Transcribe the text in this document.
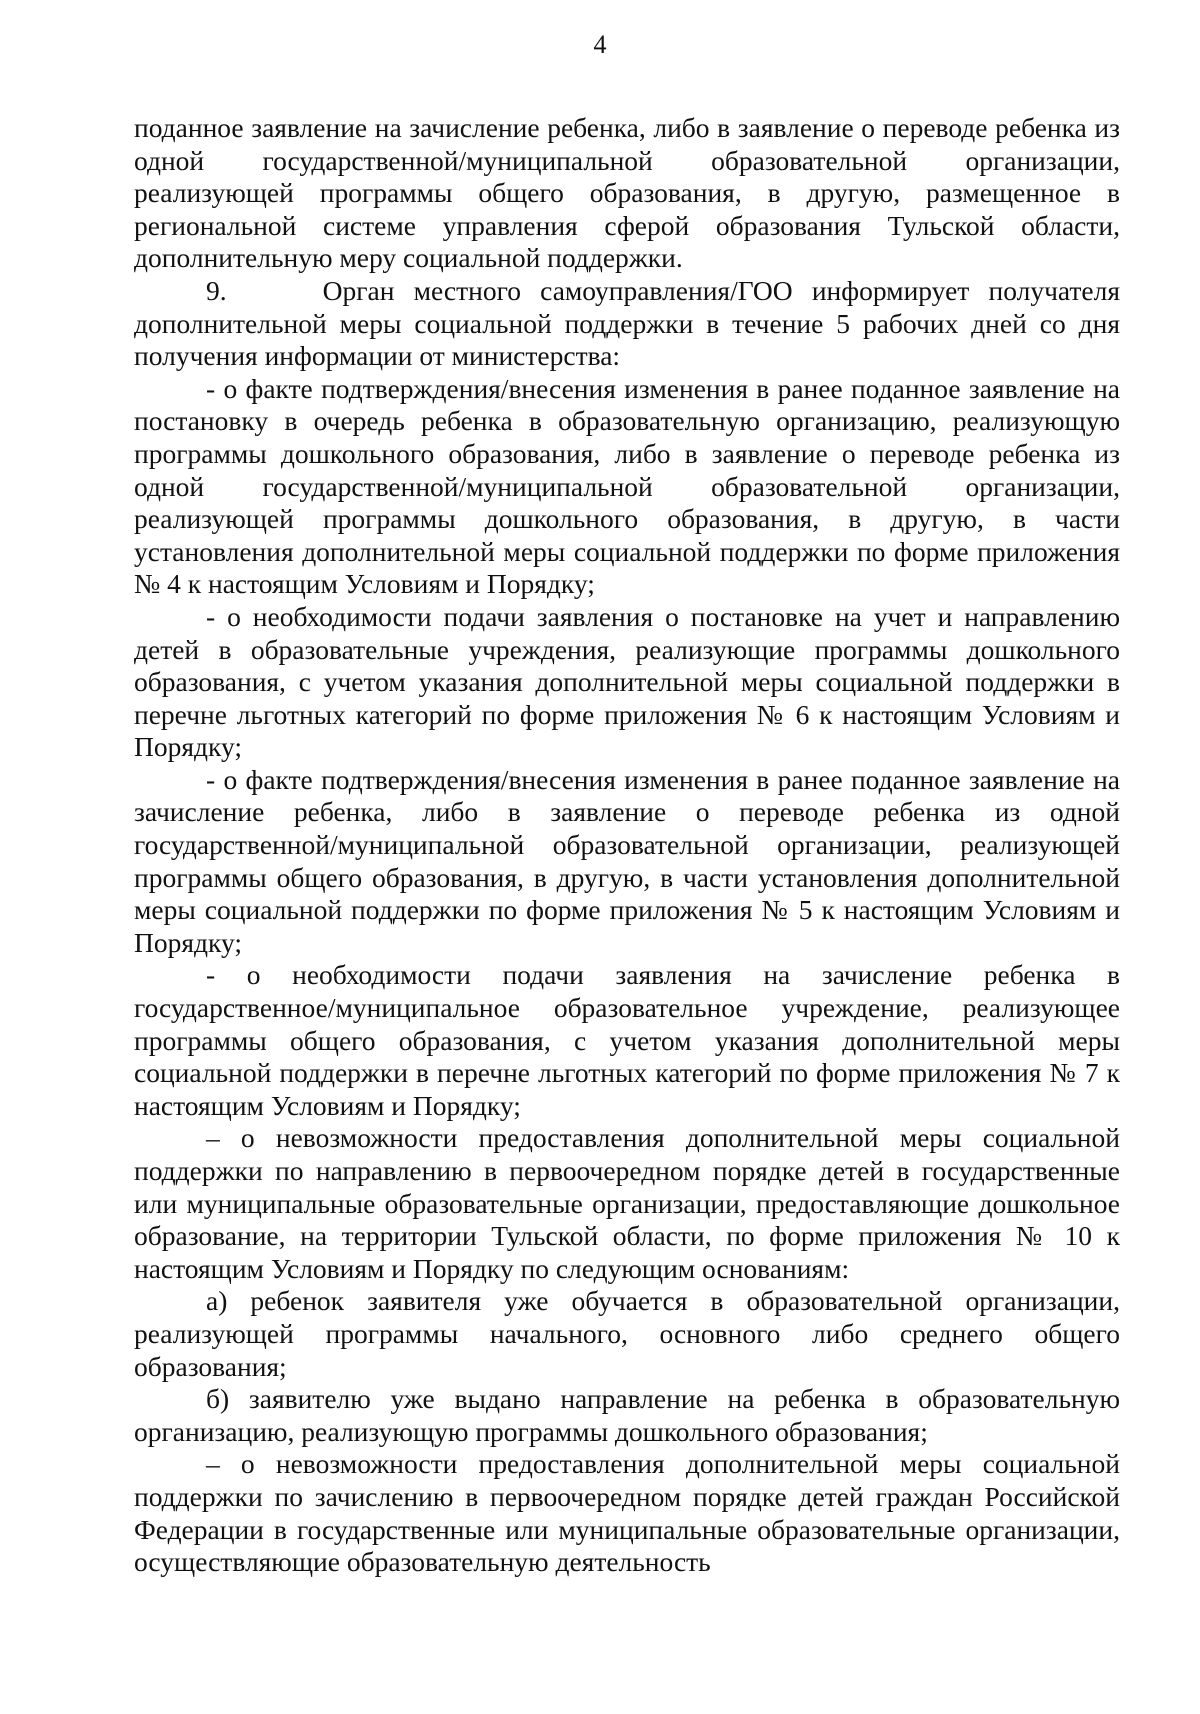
4

поданное заявление на зачисление ребенка, либо в заявление о переводе ребенка из одной государственной/муниципальной образовательной организации, реализующей программы общего образования, в другую, размещенное в региональной системе управления сферой образования Тульской области, дополнительную меру социальной поддержки.

9.     Орган местного самоуправления/ГОО информирует получателя дополнительной меры социальной поддержки в течение 5 рабочих дней со дня получения информации от министерства:

- о факте подтверждения/внесения изменения в ранее поданное заявление на постановку в очередь ребенка в образовательную организацию, реализующую программы дошкольного образования, либо в заявление о переводе ребенка из одной государственной/муниципальной образовательной организации, реализующей программы дошкольного образования, в другую, в части установления дополнительной меры социальной поддержки по форме приложения № 4 к настоящим Условиям и Порядку;

- о необходимости подачи заявления о постановке на учет и направлению детей в образовательные учреждения, реализующие программы дошкольного образования, с учетом указания дополнительной меры социальной поддержки в перечне льготных категорий по форме приложения № 6 к настоящим Условиям и Порядку;

- о факте подтверждения/внесения изменения в ранее поданное заявление на зачисление ребенка, либо в заявление о переводе ребенка из одной государственной/муниципальной образовательной организации, реализующей программы общего образования, в другую, в части установления дополнительной меры социальной поддержки по форме приложения № 5 к настоящим Условиям и Порядку;

- о необходимости подачи заявления на зачисление ребенка в государственное/муниципальное образовательное учреждение, реализующее программы общего образования, с учетом указания дополнительной меры социальной поддержки в перечне льготных категорий по форме приложения № 7 к настоящим Условиям и Порядку;

– о невозможности предоставления дополнительной меры социальной поддержки по направлению в первоочередном порядке детей в государственные или муниципальные образовательные организации, предоставляющие дошкольное образование, на территории Тульской области, по форме приложения № 10 к настоящим Условиям и Порядку по следующим основаниям:

а) ребенок заявителя уже обучается в образовательной организации, реализующей программы начального, основного либо среднего общего образования;

б) заявителю уже выдано направление на ребенка в образовательную организацию, реализующую программы дошкольного образования;

– о невозможности предоставления дополнительной меры социальной поддержки по зачислению в первоочередном порядке детей граждан Российской Федерации в государственные или муниципальные образовательные организации, осуществляющие образовательную деятельность
